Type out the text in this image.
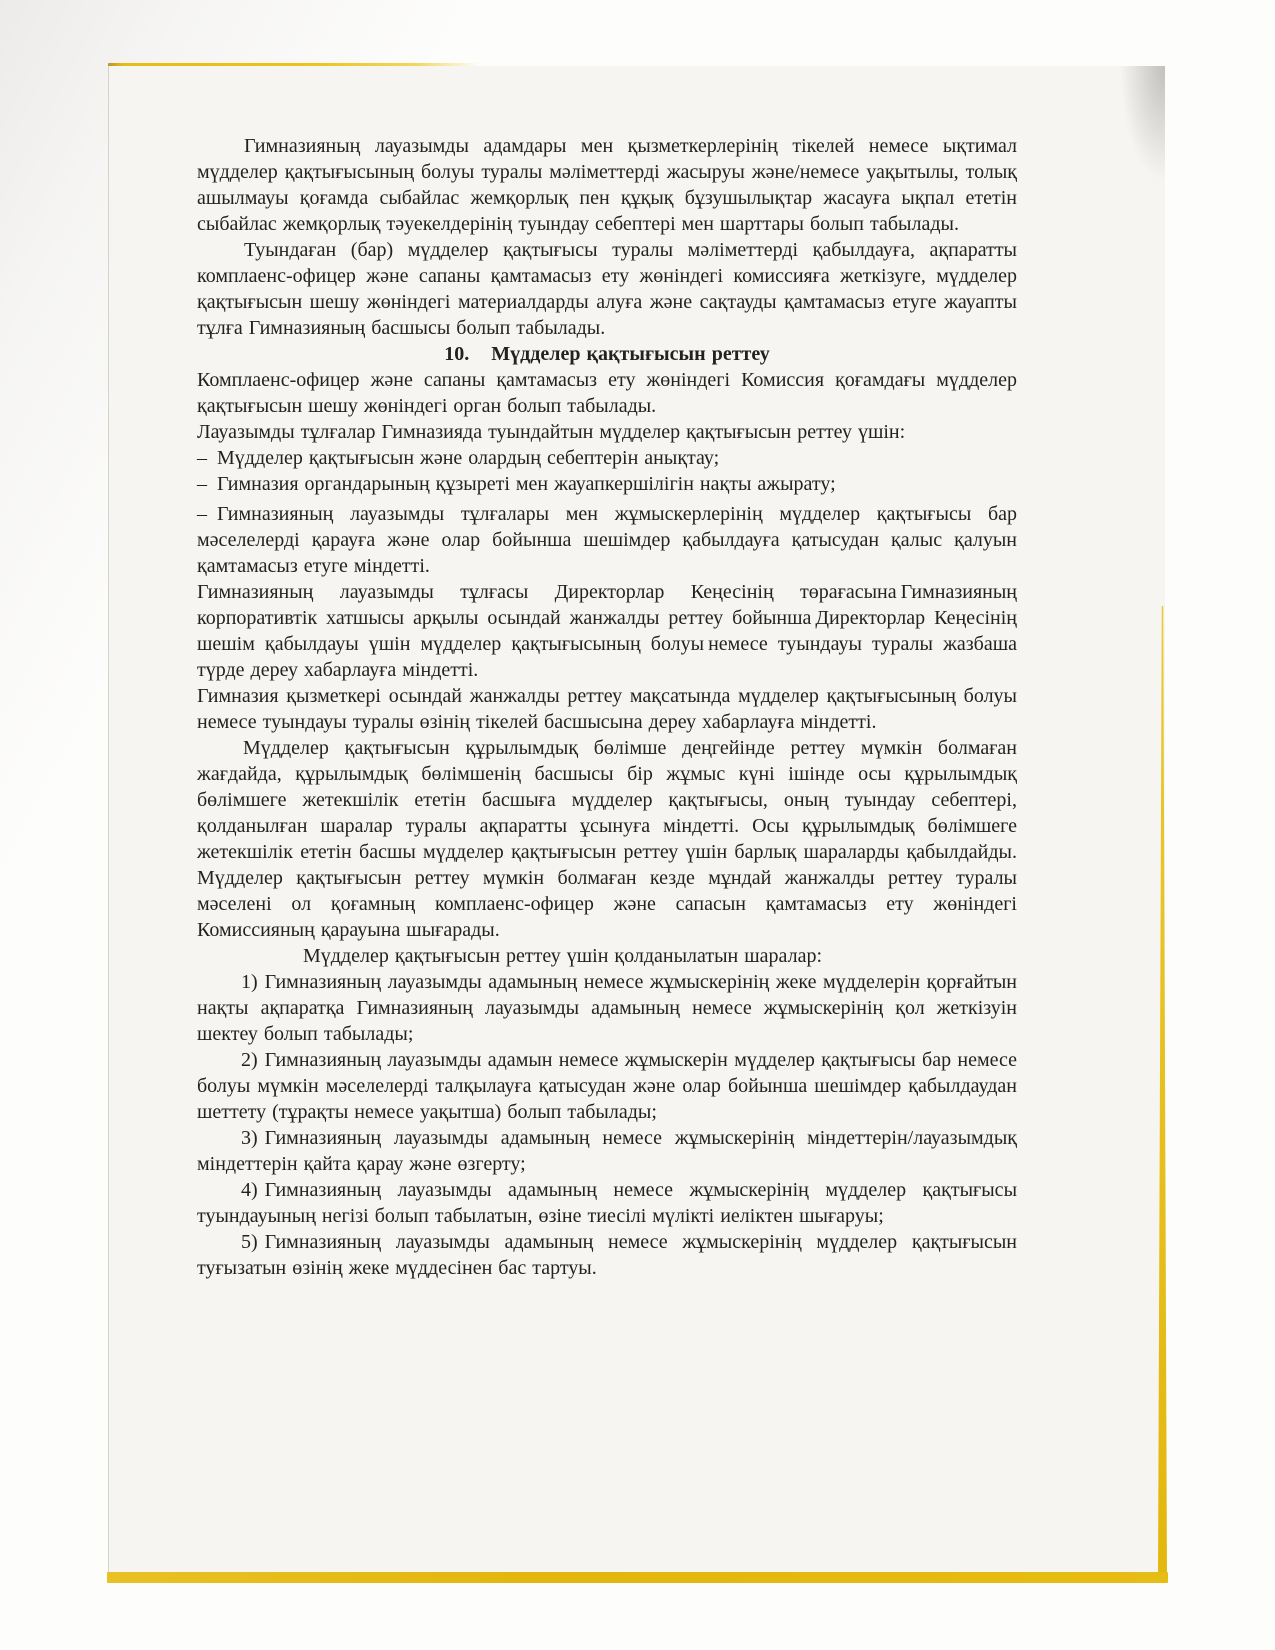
Гимназияның лауазымды адамдары мен қызметкерлерінің тікелей немесе ықтимал мүдделер қақтығысының болуы туралы мәліметтерді жасыруы және/немесе уақытылы, толық ашылмауы қоғамда сыбайлас жемқорлық пен құқық бұзушылықтар жасауға ықпал ететін сыбайлас жемқорлық тәуекелдерінің туындау себептері мен шарттары болып табылады.

Туындаған (бар) мүдделер қақтығысы туралы мәліметтерді қабылдауға, ақпаратты комплаенс-офицер және сапаны қамтамасыз ету жөніндегі комиссияға жеткізуге, мүдделер қақтығысын шешу жөніндегі материалдарды алуға және сақтауды қамтамасыз етуге жауапты тұлға Гимназияның басшысы болып табылады.

10. Мүдделер қақтығысын реттеу

Комплаенс-офицер және сапаны қамтамасыз ету жөніндегі Комиссия қоғамдағы мүдделер қақтығысын шешу жөніндегі орган болып табылады.

Лауазымды тұлғалар Гимназияда туындайтын мүдделер қақтығысын реттеу үшін:

– Мүдделер қақтығысын және олардың себептерін анықтау;

– Гимназия органдарының құзыреті мен жауапкершілігін нақты ажырату;

– Гимназияның лауазымды тұлғалары мен жұмыскерлерінің мүдделер қақтығысы бар мәселелерді қарауға және олар бойынша шешімдер қабылдауға қатысудан қалыс қалуын қамтамасыз етуге міндетті.

Гимназияның лауазымды тұлғасы Директорлар Кеңесінің төрағасына Гимназияның корпоративтік хатшысы арқылы осындай жанжалды реттеу бойынша Директорлар Кеңесінің шешім қабылдауы үшін мүдделер қақтығысының болуы немесе туындауы туралы жазбаша түрде дереу хабарлауға міндетті.

Гимназия қызметкері осындай жанжалды реттеу мақсатында мүдделер қақтығысының болуы немесе туындауы туралы өзінің тікелей басшысына дереу хабарлауға міндетті.

Мүдделер қақтығысын құрылымдық бөлімше деңгейінде реттеу мүмкін болмаған жағдайда, құрылымдық бөлімшенің басшысы бір жұмыс күні ішінде осы құрылымдық бөлімшеге жетекшілік ететін басшыға мүдделер қақтығысы, оның туындау себептері, қолданылған шаралар туралы ақпаратты ұсынуға міндетті. Осы құрылымдық бөлімшеге жетекшілік ететін басшы мүдделер қақтығысын реттеу үшін барлық шараларды қабылдайды. Мүдделер қақтығысын реттеу мүмкін болмаған кезде мұндай жанжалды реттеу туралы мәселені ол қоғамның комплаенс-офицер және сапасын қамтамасыз ету жөніндегі Комиссияның қарауына шығарады.

Мүдделер қақтығысын реттеу үшін қолданылатын шаралар:

1) Гимназияның лауазымды адамының немесе жұмыскерінің жеке мүдделерін қорғайтын нақты ақпаратқа Гимназияның лауазымды адамының немесе жұмыскерінің қол жеткізуін шектеу болып табылады;

2) Гимназияның лауазымды адамын немесе жұмыскерін мүдделер қақтығысы бар немесе болуы мүмкін мәселелерді талқылауға қатысудан және олар бойынша шешімдер қабылдаудан шеттету (тұрақты немесе уақытша) болып табылады;

3) Гимназияның лауазымды адамының немесе жұмыскерінің міндеттерін/лауазымдық міндеттерін қайта қарау және өзгерту;

4) Гимназияның лауазымды адамының немесе жұмыскерінің мүдделер қақтығысы туындауының негізі болып табылатын, өзіне тиесілі мүлікті иеліктен шығаруы;

5) Гимназияның лауазымды адамының немесе жұмыскерінің мүдделер қақтығысын туғызатын өзінің жеке мүддесінен бас тартуы.
